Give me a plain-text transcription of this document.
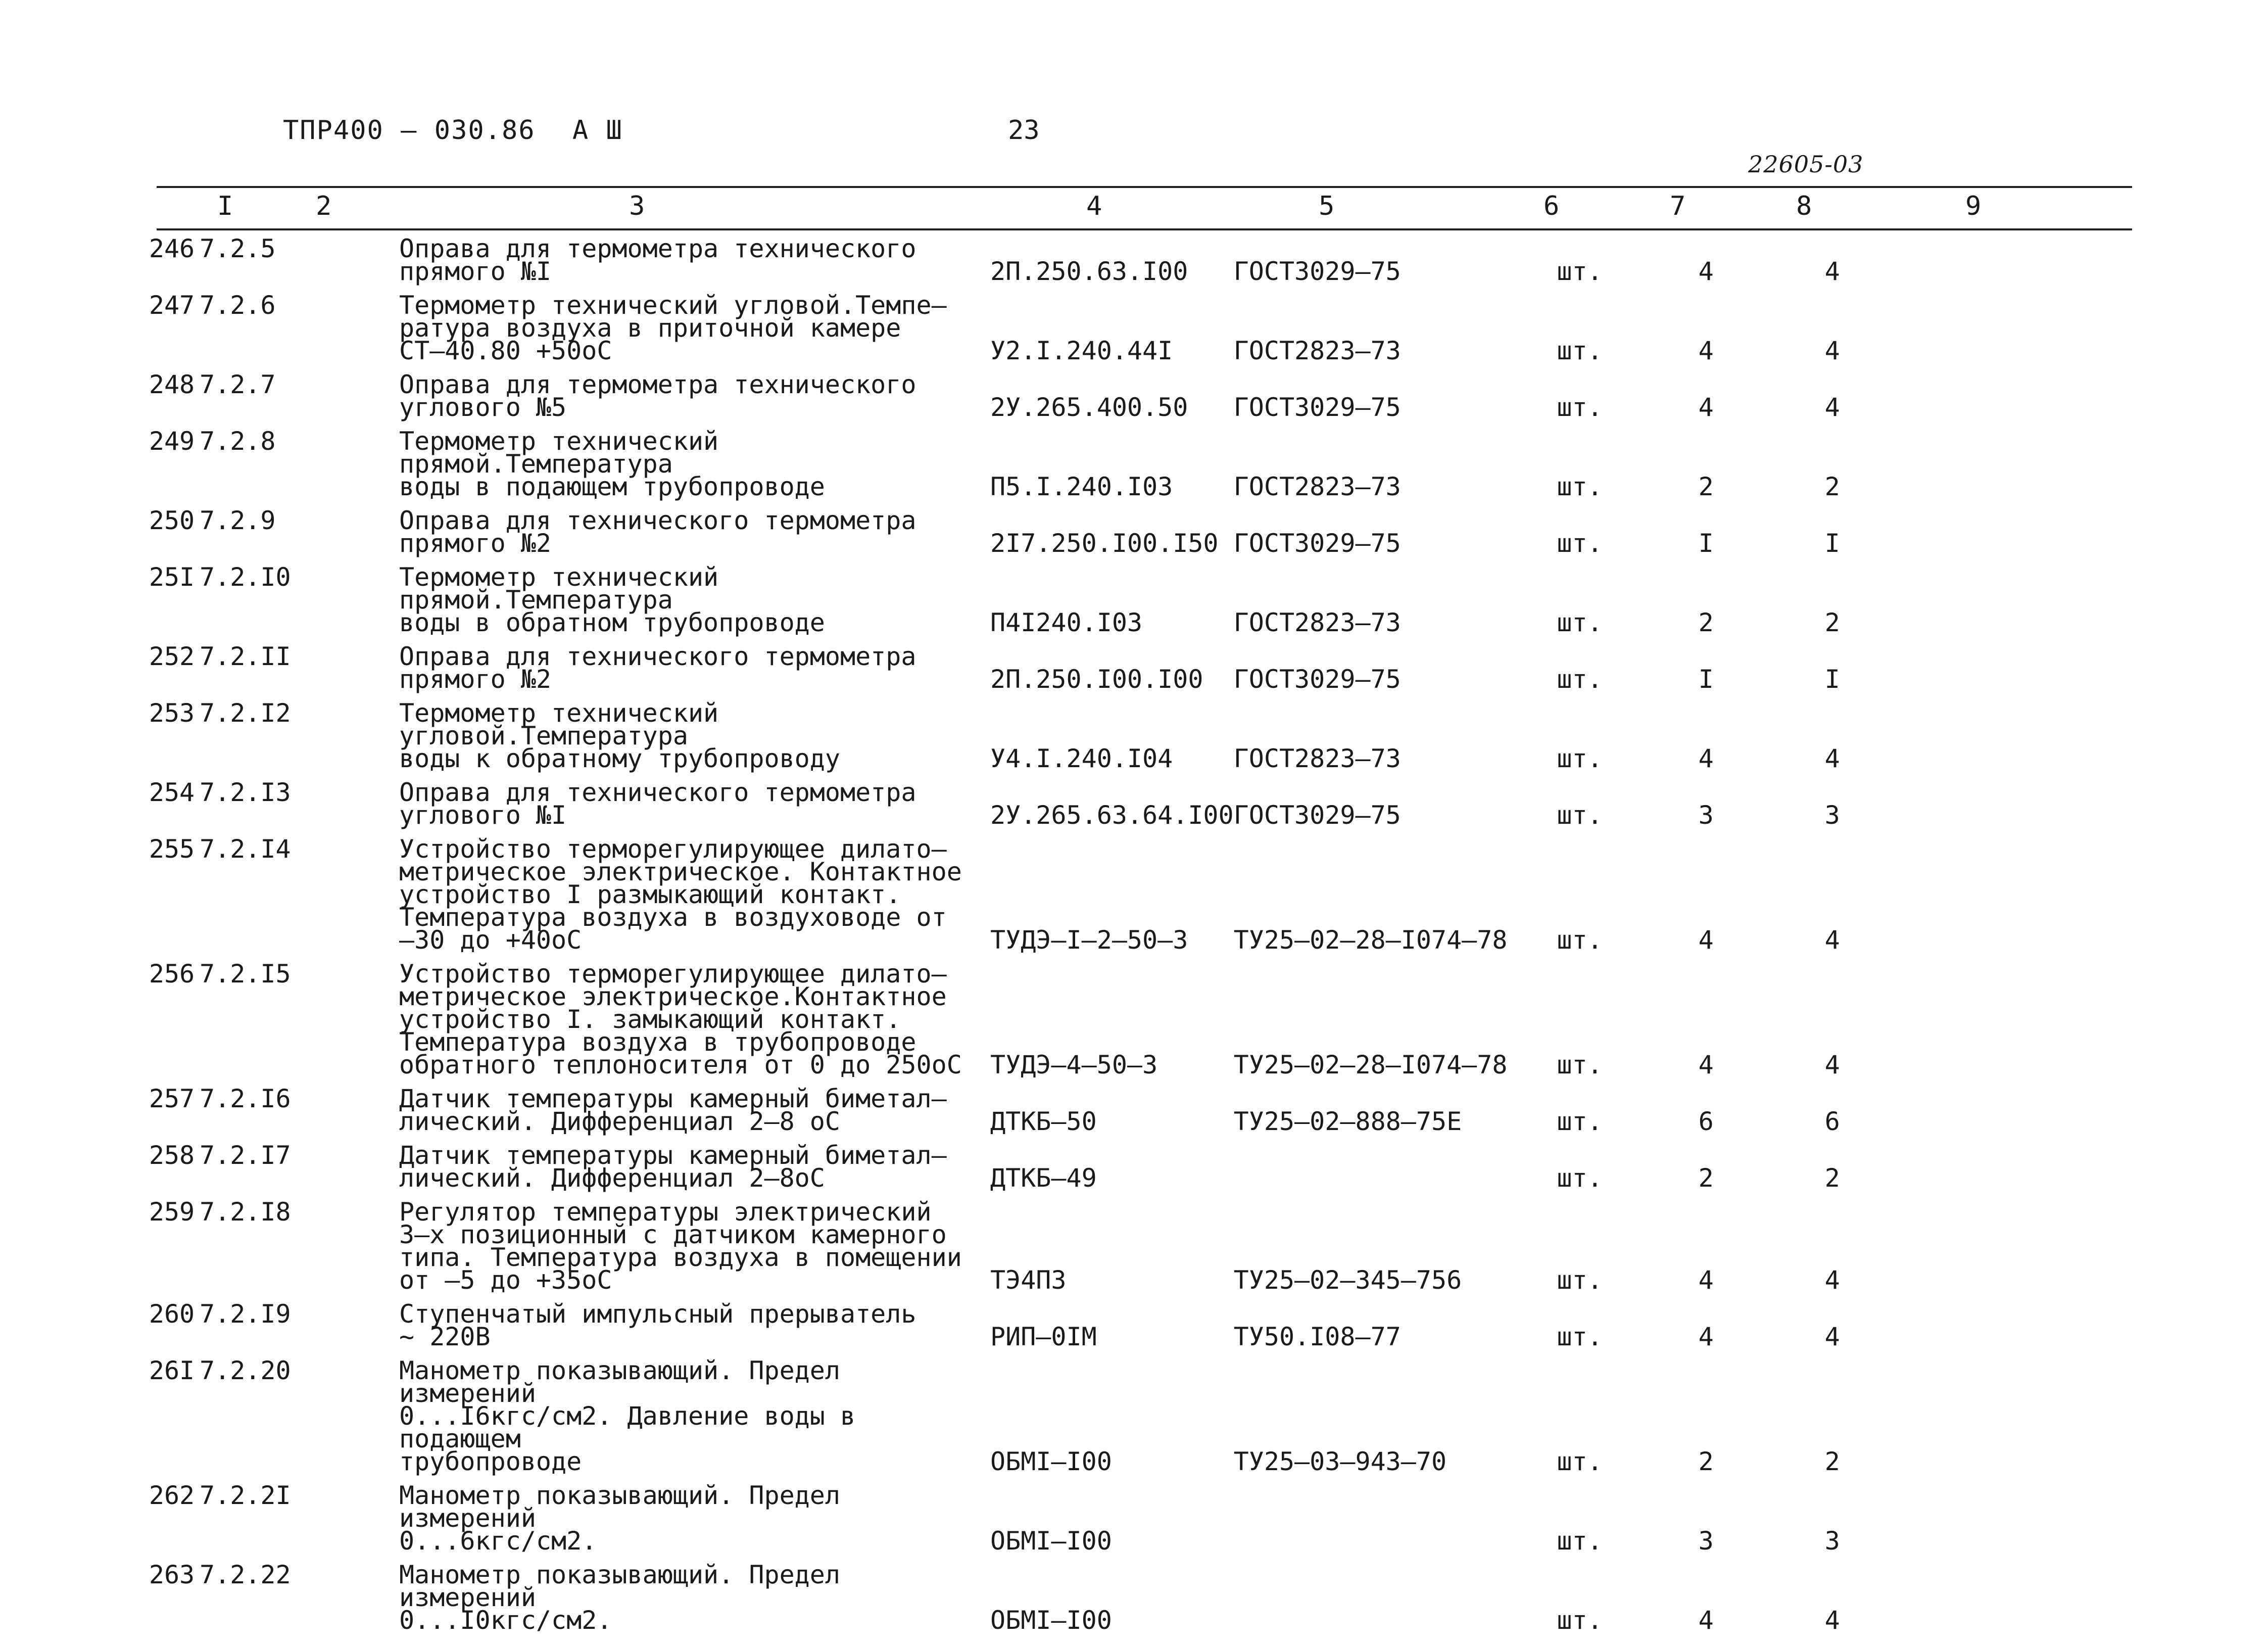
ТПР400 – 030.86 А Ш	23
22605-03
I	2	3	4	5	6	7	8	9
246	7.2.5	Оправа для термометра технического
прямого №I	2П.250.63.I00	ГОСТ3029–75	шт.	4	4
247	7.2.6	Термометр технический угловой.Темпе–
ратура воздуха в приточной камере
СТ–40.80 +50оС	У2.I.240.44I	ГОСТ2823–73	шт.	4	4
248	7.2.7	Оправа для термометра технического
углового №5	2У.265.400.50	ГОСТ3029–75	шт.	4	4
249	7.2.8	Термометр технический прямой.Температура
воды в подающем трубопроводе	П5.I.240.I03	ГОСТ2823–73	шт.	2	2
250	7.2.9	Оправа для технического термометра
прямого №2	2I7.250.I00.I50	ГОСТ3029–75	шт.	I	I
25I	7.2.I0	Термометр технический прямой.Температура
воды в обратном трубопроводе	П4I240.I03	ГОСТ2823–73	шт.	2	2
252	7.2.II	Оправа для технического термометра
прямого №2	2П.250.I00.I00	ГОСТ3029–75	шт.	I	I
253	7.2.I2	Термометр технический угловой.Температура
воды к обратному трубопроводу	У4.I.240.I04	ГОСТ2823–73	шт.	4	4
254	7.2.I3	Оправа для технического термометра
углового №I	2У.265.63.64.I00	ГОСТ3029–75	шт.	3	3
255	7.2.I4	Устройство терморегулирующее дилато–
метрическое электрическое. Контактное
устройство I размыкающий контакт.
Температура воздуха в воздуховоде от
–30 до +40оС	ТУДЭ–I–2–50–3	ТУ25–02–28–I074–78	шт.	4	4
256	7.2.I5	Устройство терморегулирующее дилато–
метрическое электрическое.Контактное
устройство I. замыкающий контакт.
Температура воздуха в трубопроводе
обратного теплоносителя от 0 до 250оС	ТУДЭ–4–50–3	ТУ25–02–28–I074–78	шт.	4	4
257	7.2.I6	Датчик температуры камерный биметал–
лический. Дифференциал 2–8 оС	ДТКБ–50	ТУ25–02–888–75Е	шт.	6	6
258	7.2.I7	Датчик температуры камерный биметал–
лический. Дифференциал 2–8оС	ДТКБ–49		шт.	2	2
259	7.2.I8	Регулятор температуры электрический
3–х позиционный с датчиком камерного
типа. Температура воздуха в помещении
от –5 до +35оС	ТЭ4П3	ТУ25–02–345–756	шт.	4	4
260	7.2.I9	Ступенчатый импульсный прерыватель
~ 220В	РИП–0IМ	ТУ50.I08–77	шт.	4	4
26I	7.2.20	Манометр показывающий. Предел измерений
0...I6кгс/см2. Давление воды в подающем
трубопроводе	ОБМI–I00	ТУ25–03–943–70	шт.	2	2
262	7.2.2I	Манометр показывающий. Предел измерений
0...6кгс/см2.	ОБМI–I00		шт.	3	3
263	7.2.22	Манометр показывающий. Предел измерений
0...I0кгс/см2.	ОБМI–I00		шт.	4	4
